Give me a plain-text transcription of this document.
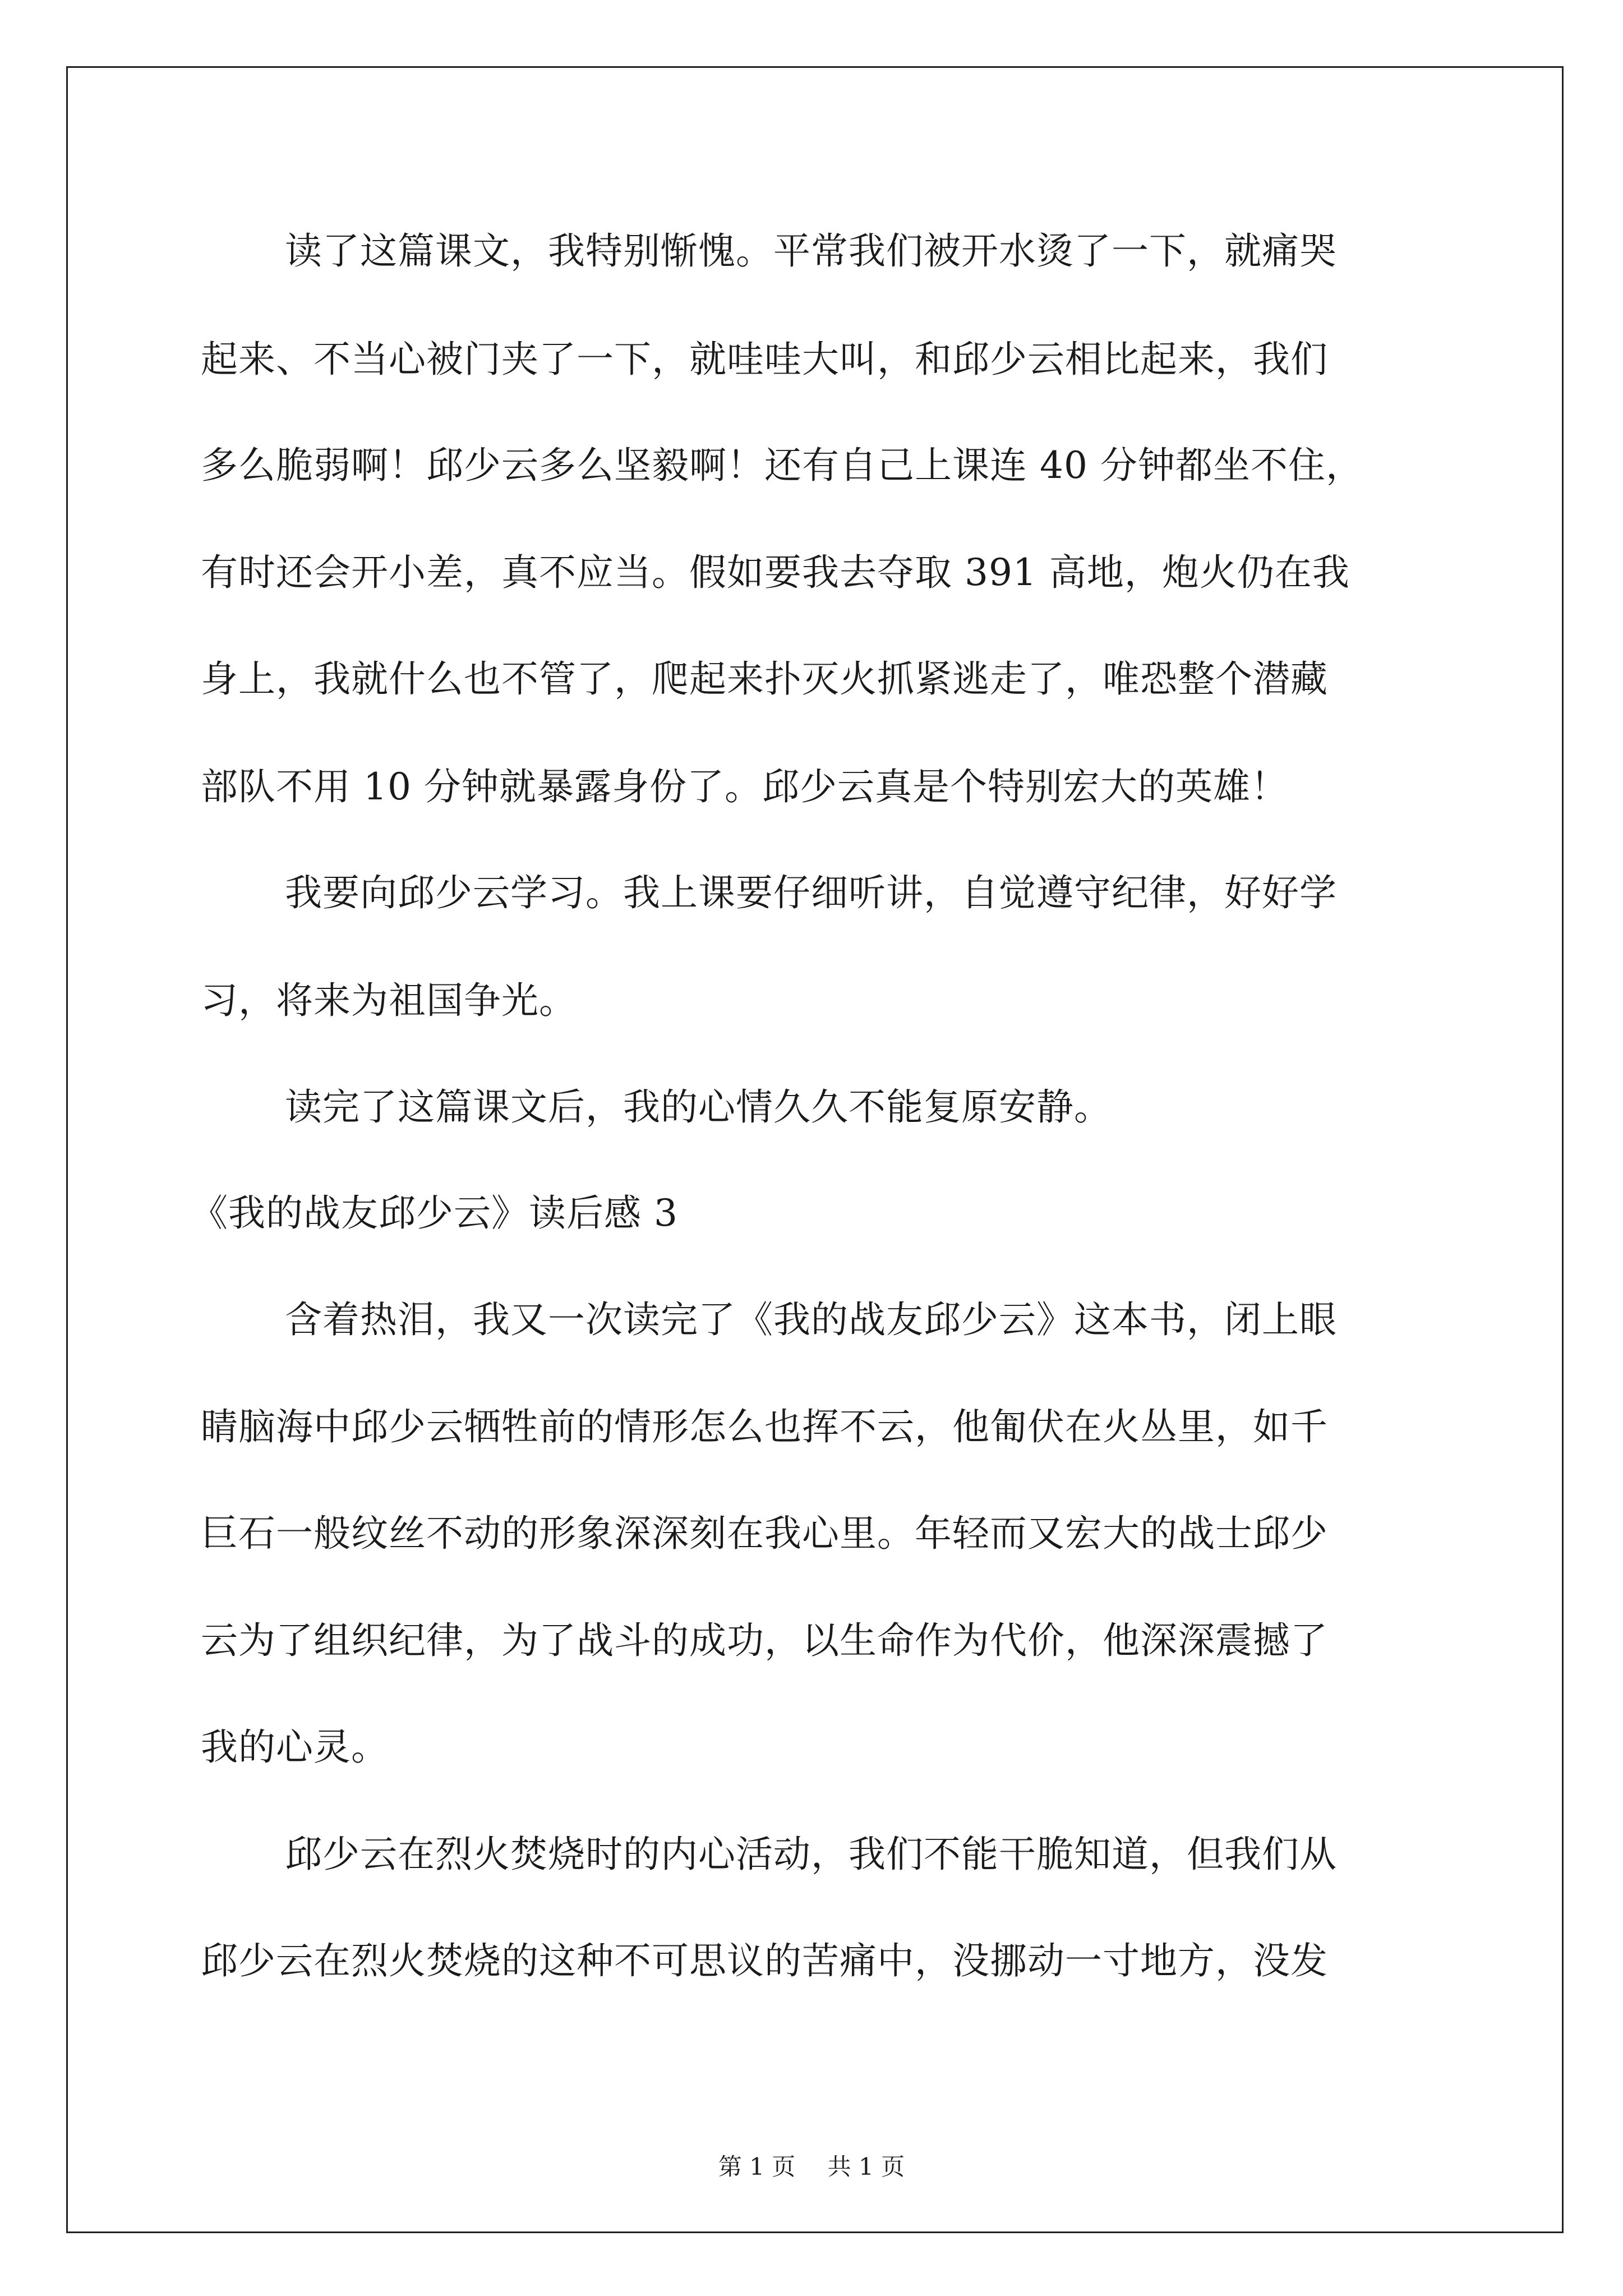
读了这篇课文，我特别惭愧。平常我们被开水烫了一下，就痛哭

起来、不当心被门夹了一下，就哇哇大叫，和邱少云相比起来，我们

多么脆弱啊！邱少云多么坚毅啊！还有自己上课连 40 分钟都坐不住，

有时还会开小差，真不应当。假如要我去夺取 391 高地，炮火仍在我

身上，我就什么也不管了，爬起来扑灭火抓紧逃走了，唯恐整个潜藏

部队不用 10 分钟就暴露身份了。邱少云真是个特别宏大的英雄！

我要向邱少云学习。我上课要仔细听讲，自觉遵守纪律，好好学

习，将来为祖国争光。

读完了这篇课文后，我的心情久久不能复原安静。

《我的战友邱少云》读后感 3

含着热泪，我又一次读完了《我的战友邱少云》这本书，闭上眼

睛脑海中邱少云牺牲前的情形怎么也挥不云，他匍伏在火丛里，如千

巨石一般纹丝不动的形象深深刻在我心里。年轻而又宏大的战士邱少

云为了组织纪律，为了战斗的成功，以生命作为代价，他深深震撼了

我的心灵。

邱少云在烈火焚烧时的内心活动，我们不能干脆知道，但我们从

邱少云在烈火焚烧的这种不可思议的苦痛中，没挪动一寸地方，没发

第 1 页 共 1 页
